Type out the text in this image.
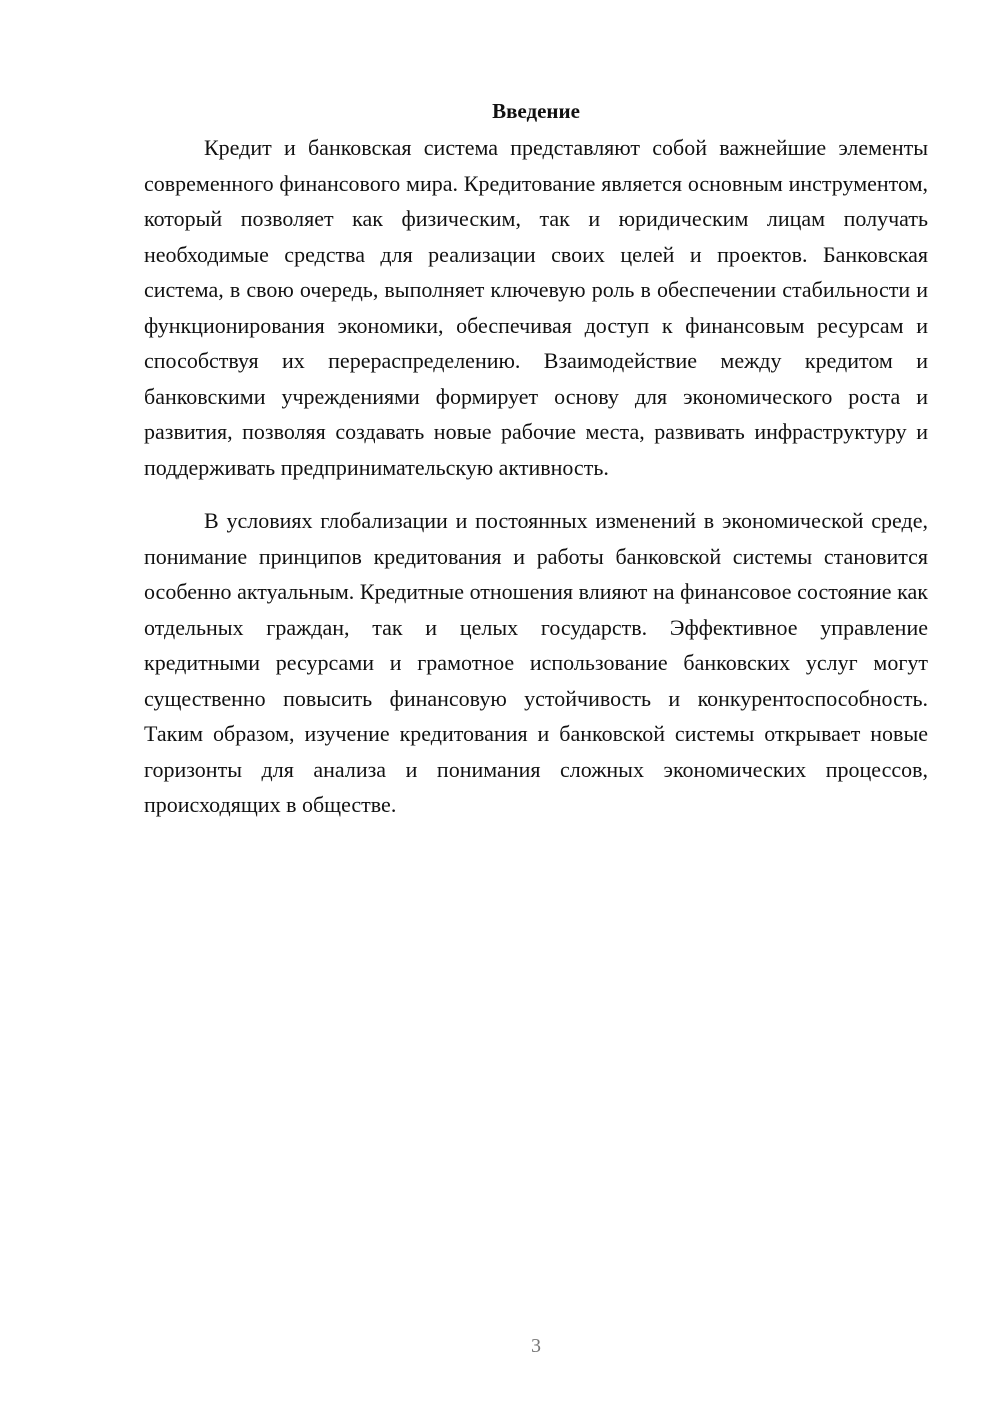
Введение

Кредит и банковская система представляют собой важнейшие элементы современного финансового мира. Кредитование является основным инструментом, который позволяет как физическим, так и юридическим лицам получать необходимые средства для реализации своих целей и проектов. Банковская система, в свою очередь, выполняет ключевую роль в обеспечении стабильности и функционирования экономики, обеспечивая доступ к финансовым ресурсам и способствуя их перераспределению. Взаимодействие между кредитом и банковскими учреждениями формирует основу для экономического роста и развития, позволяя создавать новые рабочие места, развивать инфраструктуру и поддерживать предпринимательскую активность.

В условиях глобализации и постоянных изменений в экономической среде, понимание принципов кредитования и работы банковской системы становится особенно актуальным. Кредитные отношения влияют на финансовое состояние как отдельных граждан, так и целых государств. Эффективное управление кредитными ресурсами и грамотное использование банковских услуг могут существенно повысить финансовую устойчивость и конкурентоспособность. Таким образом, изучение кредитования и банковской системы открывает новые горизонты для анализа и понимания сложных экономических процессов, происходящих в обществе.

3
